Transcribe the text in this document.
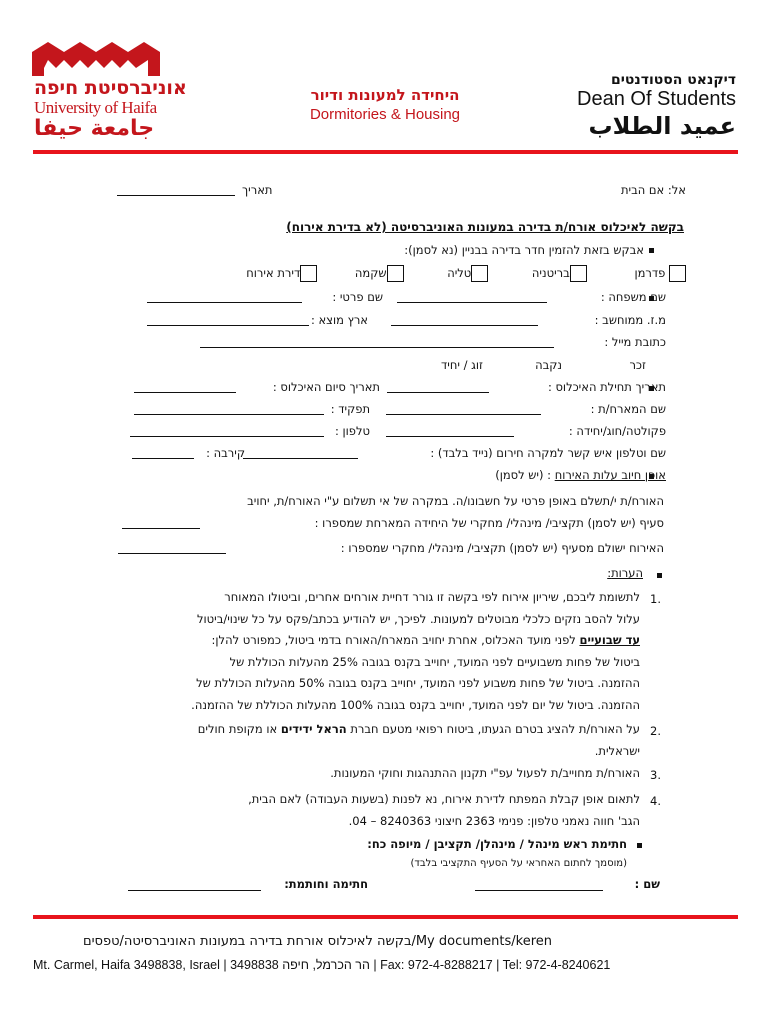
אוניברסיטת חיפה
University of Haifa
جامعة حيفا
היחידה למעונות ודיור
Dormitories & Housing
דיקנאט הסטודנטים
Dean Of Students
عميد الطلاب
אל: אם הבית
תאריך
בקשה לאיכלוס אורח/ת בדירה במעונות האוניברסיטה (לא בדירת אירוח)
אבקש בזאת להזמין חדר בדירה בבניין (נא לסמן):
פדרמן בריטניה טליה שקמה דירת אירוח
שם משפחה :
שם פרטי :
מ.ז. ממוחשב :
ארץ מוצא :
כתובת מייל :
זכר
נקבה
זוג / יחיד
תאריך תחילת האיכלוס :
תאריך סיום האיכלוס :
שם המארח/ת :
תפקיד :
פקולטה/חוג/יחידה :
טלפון :
שם וטלפון איש קשר למקרה חירום (נייד בלבד) :
קירבה :
אופן חיוב עלות האירוח : (יש לסמן)
האורח/ת י/תשלם באופן פרטי על חשבונו/ה. במקרה של אי תשלום ע"י האורח/ת, יחויב
סעיף (יש לסמן) תקציבי/ מינהלי/ מחקרי של היחידה המארחת שמספרו :
האירוח ישולם מסעיף (יש לסמן) תקציבי/ מינהלי/ מחקרי שמספרו :
הערות:
1.
לתשומת ליבכם, שיריון אירוח לפי בקשה זו גורר דחיית אורחים אחרים, וביטולו המאוחר
עלול להסב נזקים כלכלי מבוטלים למעונות. לפיכך, יש להודיע בכתב/פקס על כל שינוי/ביטול
עד שבועיים לפני מועד האכלוס, אחרת יחויב המארח/האורח בדמי ביטול, כמפורט להלן:
ביטול של פחות משבועיים לפני המועד, יחוייב בקנס בגובה 25% מהעלות הכוללת של
ההזמנה. ביטול של פחות משבוע לפני המועד, יחוייב בקנס בגובה 50% מהעלות הכוללת של
ההזמנה. ביטול של יום לפני המועד, יחוייב בקנס בגובה 100% מהעלות הכוללת של ההזמנה.
2.
על האורח/ת להציג בטרם הגעתו, ביטוח רפואי מטעם חברת הראל ידידים או מקופת חולים
ישראלית.
3.
האורח/ת מחוייב/ת לפעול עפ"י תקנון ההתנהגות וחוקי המעונות.
4.
לתאום אופן קבלת המפתח לדירת אירוח, נא לפנות (בשעות העבודה) לאם הבית,
הגב' חווה נאמני טלפון: פנימי 2363 חיצוני 8240363 – 04.
חתימת ראש מינהל / מינהלן/ תקציבן / מיופה כח:
(מוסמך לחתום האחראי על הסעיף התקציבי בלבד)
שם :
חתימה וחותמת:
My documents/keren/בקשה לאיכלוס אורחת בדירה במעונות האוניברסיטה/טפסים
Mt. Carmel, Haifa 3498838, Israel | 3498838 הר הכרמל, חיפה | Fax: 972-4-8288217 | Tel: 972-4-8240621
